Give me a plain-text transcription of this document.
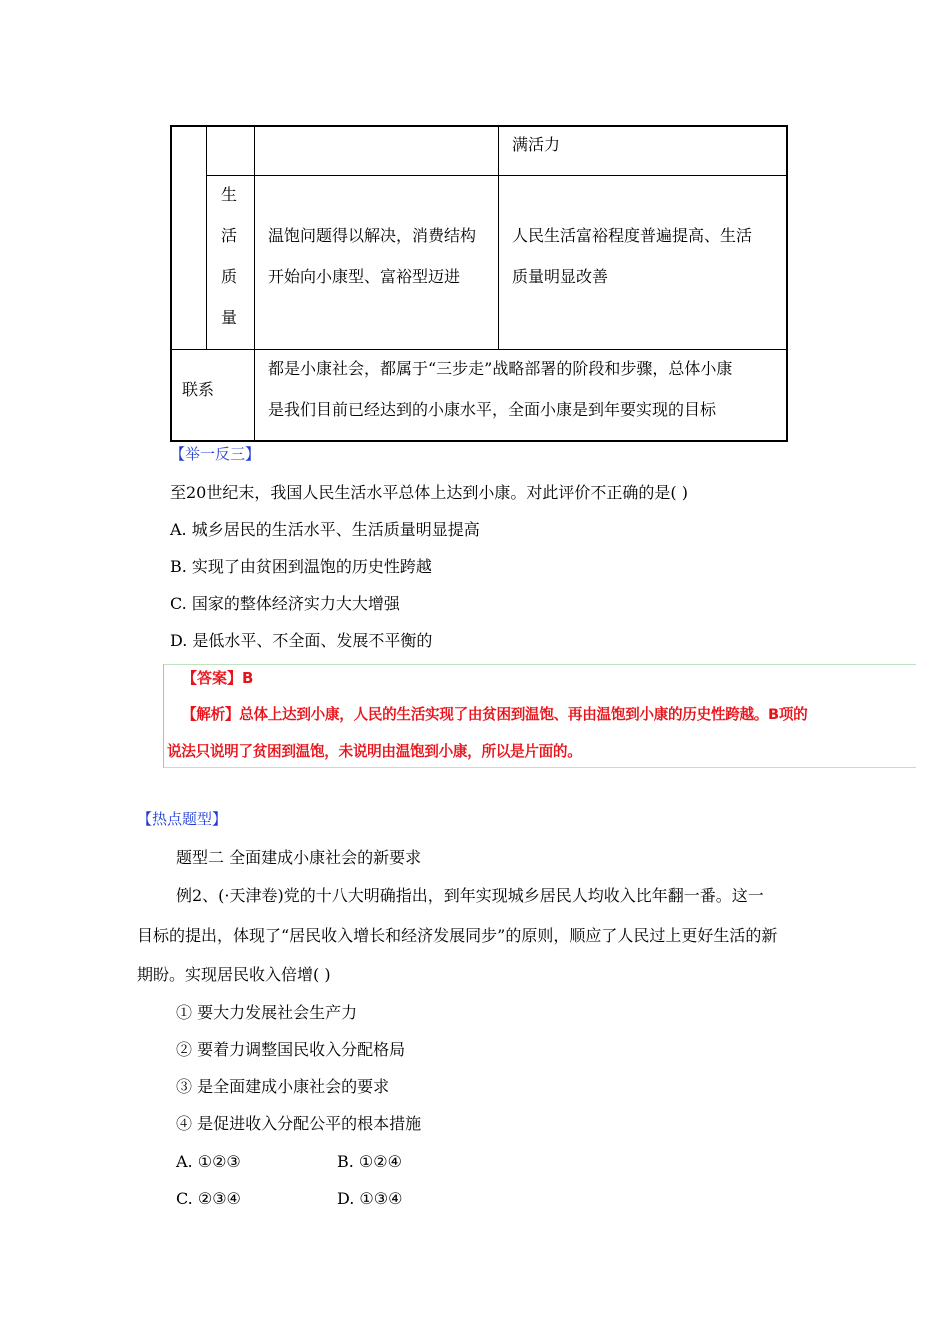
满活力
生
活
质
量
温饱问题得以解决，消费结构
开始向小康型、富裕型迈进
人民生活富裕程度普遍提高、生活
质量明显改善
联系
都是小康社会，都属于“三步走”战略部署的阶段和步骤，总体小康
是我们目前已经达到的小康水平，全面小康是到年要实现的目标
【举一反三】
至20世纪末，我国人民生活水平总体上达到小康。对此评价不正确的是( )
A. 城乡居民的生活水平、生活质量明显提高
B. 实现了由贫困到温饱的历史性跨越
C. 国家的整体经济实力大大增强
D. 是低水平、不全面、发展不平衡的
【答案】B
【解析】总体上达到小康，人民的生活实现了由贫困到温饱、再由温饱到小康的历史性跨越。B项的
说法只说明了贫困到温饱，未说明由温饱到小康，所以是片面的。
【热点题型】
题型二 全面建成小康社会的新要求
例2、(·天津卷)党的十八大明确指出，到年实现城乡居民人均收入比年翻一番。这一
目标的提出，体现了“居民收入增长和经济发展同步”的原则，顺应了人民过上更好生活的新
期盼。实现居民收入倍增( )
① 要大力发展社会生产力
② 要着力调整国民收入分配格局
③ 是全面建成小康社会的要求
④ 是促进收入分配公平的根本措施
A. ①②③	B. ①②④
C. ②③④	D. ①③④
